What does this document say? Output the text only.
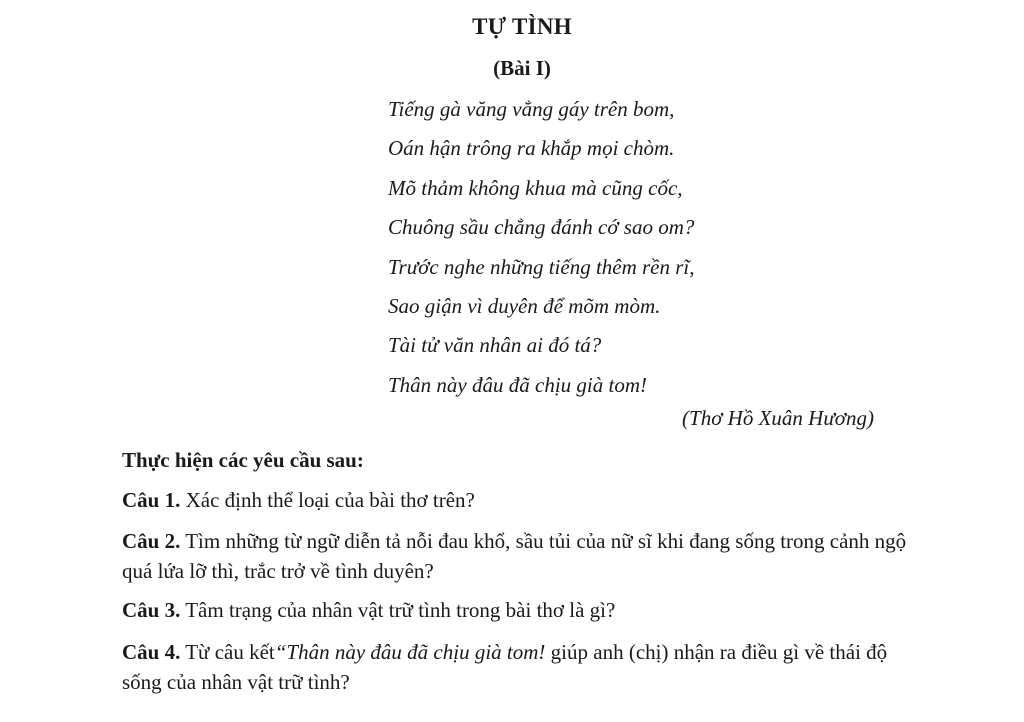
TỰ TÌNH
(Bài I)
Tiếng gà văng vẳng gáy trên bom,
Oán hận trông ra khắp mọi chòm.
Mõ thảm không khua mà cũng cốc,
Chuông sầu chẳng đánh cớ sao om?
Trước nghe những tiếng thêm rền rĩ,
Sao giận vì duyên để mõm mòm.
Tài tử văn nhân ai đó tá?
Thân này đâu đã chịu già tom!
(Thơ Hồ Xuân Hương)
Thực hiện các yêu cầu sau:
Câu 1. Xác định thể loại của bài thơ trên?
Câu 2. Tìm những từ ngữ diễn tả nỗi đau khổ, sầu tủi của nữ sĩ khi đang sống trong cảnh ngộ quá lứa lỡ thì, trắc trở về tình duyên?
Câu 3. Tâm trạng của nhân vật trữ tình trong bài thơ là gì?
Câu 4. Từ câu kết“Thân này đâu đã chịu già tom! giúp anh (chị) nhận ra điều gì về thái độ sống của nhân vật trữ tình?
